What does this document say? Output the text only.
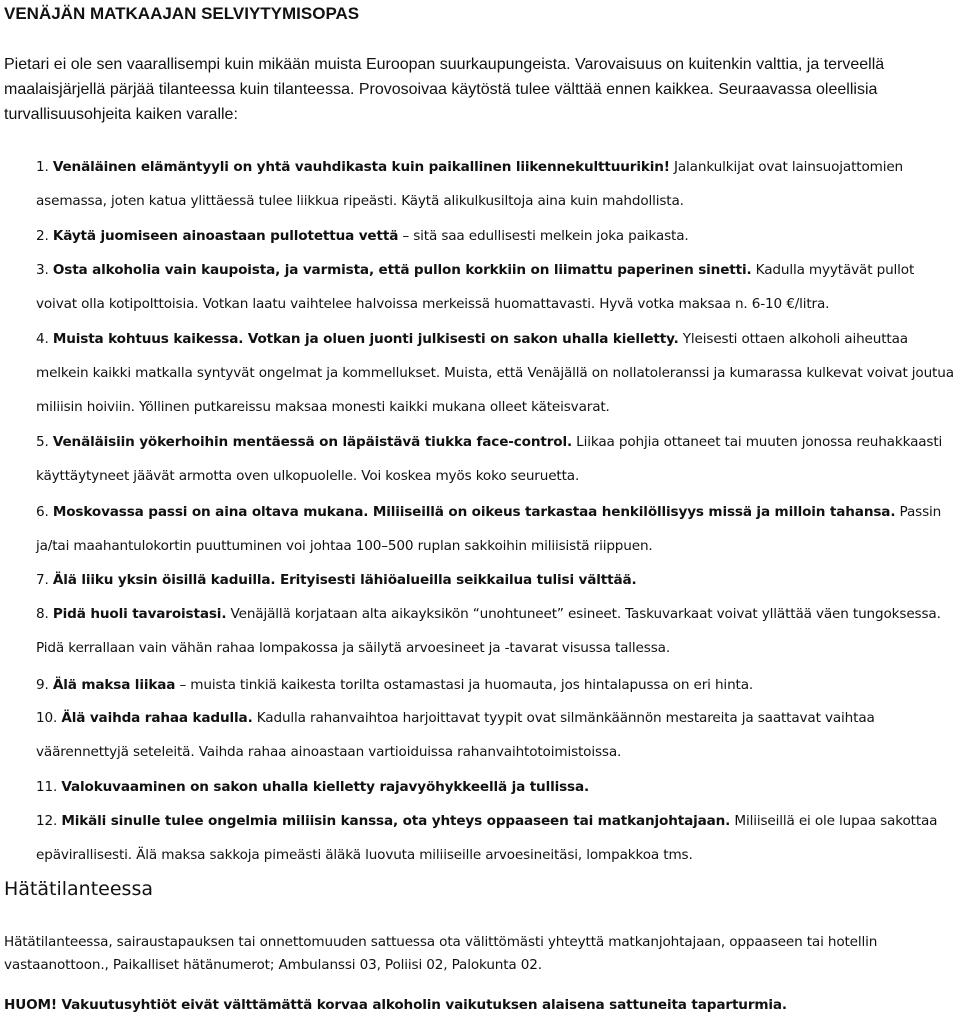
VENÄJÄN MATKAAJAN SELVIYTYMISOPAS
Pietari ei ole sen vaarallisempi kuin mikään muista Euroopan suurkaupungeista. Varovaisuus on kuitenkin valttia, ja terveellä maalaisjärjellä pärjää tilanteessa kuin tilanteessa. Provosoivaa käytöstä tulee välttää ennen kaikkea. Seuraavassa oleellisia turvallisuusohjeita kaiken varalle:
1. Venäläinen elämäntyyli on yhtä vauhdikasta kuin paikallinen liikennekulttuurikin! Jalankulkijat ovat lainsuojattomien asemassa, joten katua ylittäessä tulee liikkua ripeästi. Käytä alikulkusiltoja aina kuin mahdollista.
2. Käytä juomiseen ainoastaan pullotettua vettä – sitä saa edullisesti melkein joka paikasta.
3. Osta alkoholia vain kaupoista, ja varmista, että pullon korkkiin on liimattu paperinen sinetti. Kadulla myytävät pullot voivat olla kotipolttoisia. Votkan laatu vaihtelee halvoissa merkeissä huomattavasti. Hyvä votka maksaa n. 6-10 €/litra.
4. Muista kohtuus kaikessa. Votkan ja oluen juonti julkisesti on sakon uhalla kielletty. Yleisesti ottaen alkoholi aiheuttaa melkein kaikki matkalla syntyvät ongelmat ja kommellukset. Muista, että Venäjällä on nollatoleranssi ja kumarassa kulkevat voivat joutua miliisin hoiviin. Yöllinen putkareissu maksaa monesti kaikki mukana olleet käteisvarat.
5. Venäläisiin yökerhoihin mentäessä on läpäistävä tiukka face-control. Liikaa pohjia ottaneet tai muuten jonossa reuhakkaasti käyttäytyneet jäävät armotta oven ulkopuolelle. Voi koskea myös koko seuruetta.
6. Moskovassa passi on aina oltava mukana. Miliiseillä on oikeus tarkastaa henkilöllisyys missä ja milloin tahansa. Passin ja/tai maahantulokortin puuttuminen voi johtaa 100–500 ruplan sakkoihin miliisistä riippuen.
7. Älä liiku yksin öisillä kaduilla. Erityisesti lähiöalueilla seikkailua tulisi välttää.
8. Pidä huoli tavaroistasi. Venäjällä korjataan alta aikayksikön “unohtuneet” esineet. Taskuvarkaat voivat yllättää väen tungoksessa. Pidä kerrallaan vain vähän rahaa lompakossa ja säilytä arvoesineet ja -tavarat visussa tallessa.
9. Älä maksa liikaa – muista tinkiä kaikesta torilta ostamastasi ja huomauta, jos hintalapussa on eri hinta.
10. Älä vaihda rahaa kadulla. Kadulla rahanvaihtoa harjoittavat tyypit ovat silmänkäännön mestareita ja saattavat vaihtaa väärennettyjä seteleitä. Vaihda rahaa ainoastaan vartioiduissa rahanvaihtotoimistoissa.
11. Valokuvaaminen on sakon uhalla kielletty rajavyöhykkeellä ja tullissa.
12. Mikäli sinulle tulee ongelmia miliisin kanssa, ota yhteys oppaaseen tai matkanjohtajaan. Miliiseillä ei ole lupaa sakottaa epävirallisesti. Älä maksa sakkoja pimeästi äläkä luovuta miliiseille arvoesineitäsi, lompakkoa tms.
Hätätilanteessa
Hätätilanteessa, sairaustapauksen tai onnettomuuden sattuessa ota välittömästi yhteyttä matkanjohtajaan, oppaaseen tai hotellin vastaanottoon., Paikalliset hätänumerot; Ambulanssi 03, Poliisi 02, Palokunta 02.
HUOM! Vakuutusyhtiöt eivät välttämättä korvaa alkoholin vaikutuksen alaisena sattuneita taparturmia.
